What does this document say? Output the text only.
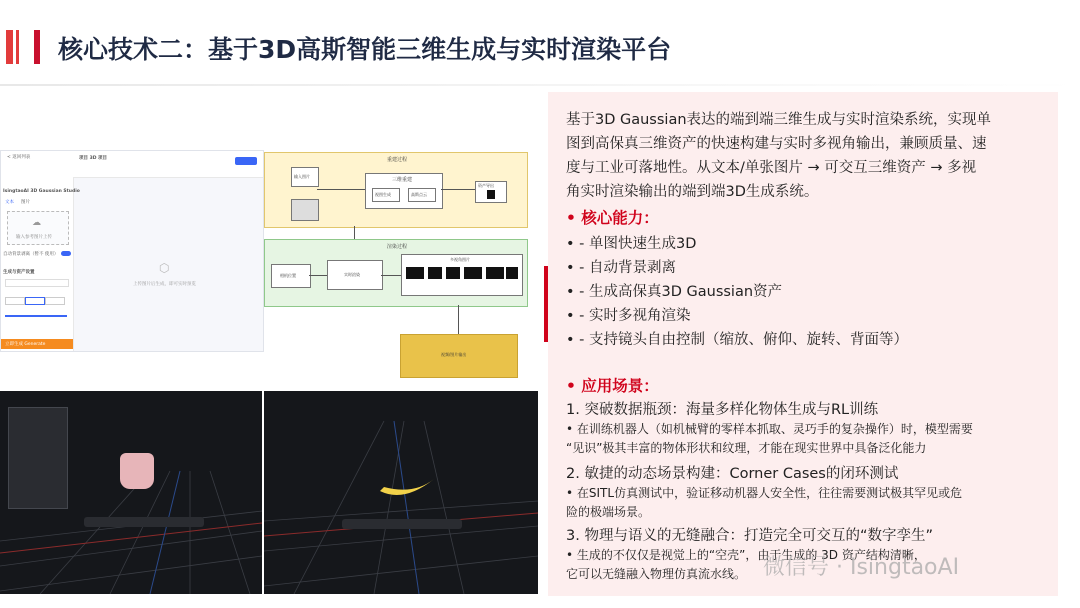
核心技术二：基于3D高斯智能三维生成与实时渲染平台
< 返回列表	项目 3D 项目
IsingtaoAI 3D Gaussian Studio
文本 图片
☁
输入参考图片上传
自动背景剥离（暂不 使用）
生成与资产设置
立即生成 Generate
⬡
上传图片后生成，即可实时预览
重建过程
输入图片
三维重建
视图生成	高斯点云
资产导出
渲染过程
相机位置	实时渲染
多视角图片
视频/图片输出
基于3D Gaussian表达的端到端三维生成与实时渲染系统，实现单
图到高保真三维资产的快速构建与实时多视角输出，兼顾质量、速
度与工业可落地性。从文本/单张图片 → 可交互三维资产 → 多视
角实时渲染输出的端到端3D生成系统。
• 核心能力：
• - 单图快速生成3D
• - 自动背景剥离
• - 生成高保真3D Gaussian资产
• - 实时多视角渲染
• - 支持镜头自由控制（缩放、俯仰、旋转、背面等）
• 应用场景：
1. 突破数据瓶颈：海量多样化物体生成与RL训练
• 在训练机器人（如机械臂的零样本抓取、灵巧手的复杂操作）时，模型需要
“见识”极其丰富的物体形状和纹理，才能在现实世界中具备泛化能力
2. 敏捷的动态场景构建：Corner Cases的闭环测试
• 在SITL仿真测试中，验证移动机器人安全性，往往需要测试极其罕见或危
险的极端场景。
3. 物理与语义的无缝融合：打造完全可交互的“数字孪生”
• 生成的不仅仅是视觉上的“空壳”，由于生成的 3D 资产结构清晰，
它可以无缝融入物理仿真流水线。 微信号 · IsingtaoAI
